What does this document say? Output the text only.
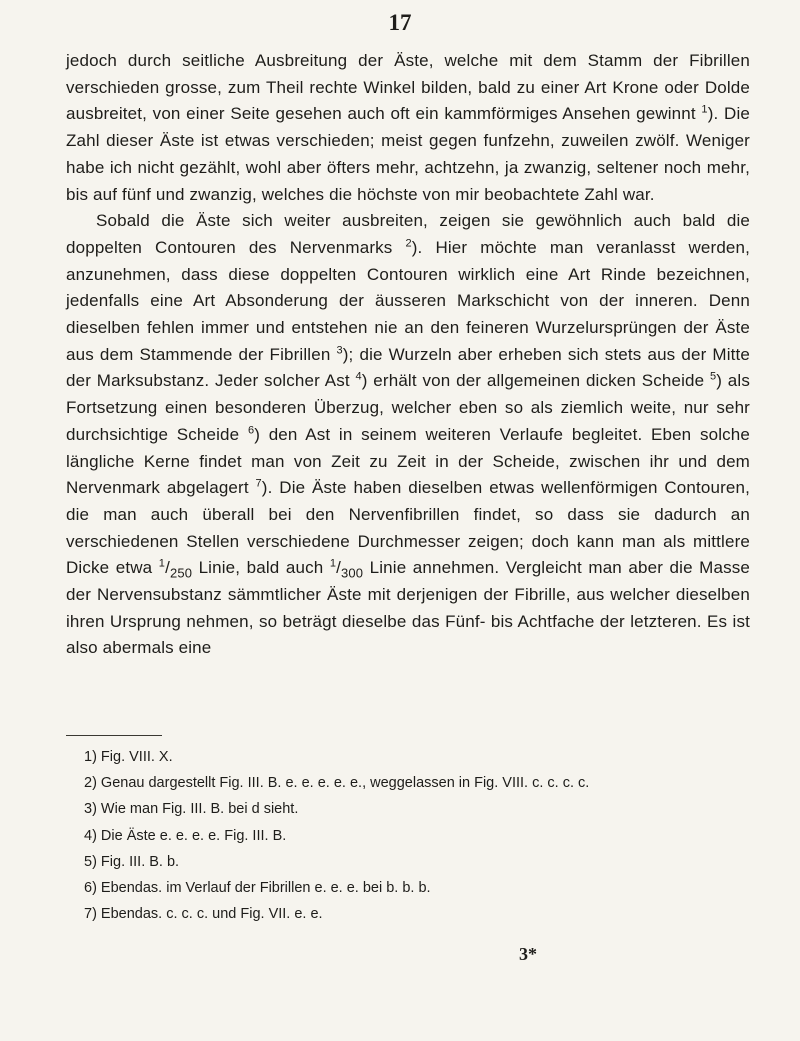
17

jedoch durch seitliche Ausbreitung der Äste, welche mit dem Stamm der Fibrillen verschieden grosse, zum Theil rechte Winkel bilden, bald zu einer Art Krone oder Dolde ausbreitet, von einer Seite gesehen auch oft ein kammförmiges Ansehen gewinnt $^1$). Die Zahl dieser Äste ist etwas verschieden; meist gegen funfzehn, zuweilen zwölf. Weniger habe ich nicht gezählt, wohl aber öfters mehr, achtzehn, ja zwanzig, seltener noch mehr, bis auf fünf und zwanzig, welches die höchste von mir beobachtete Zahl war.

Sobald die Äste sich weiter ausbreiten, zeigen sie gewöhnlich auch bald die doppelten Contouren des Nervenmarks $^2$). Hier möchte man veranlasst werden, anzunehmen, dass diese doppelten Contouren wirklich eine Art Rinde bezeichnen, jedenfalls eine Art Absonderung der äusseren Markschicht von der inneren. Denn dieselben fehlen immer und entstehen nie an den feineren Wurzelursprüngen der Äste aus dem Stammende der Fibrillen $^3$); die Wurzeln aber erheben sich stets aus der Mitte der Marksubstanz. Jeder solcher Ast $^4$) erhält von der allgemeinen dicken Scheide $^5$) als Fortsetzung einen besonderen Überzug, welcher eben so als ziemlich weite, nur sehr durchsichtige Scheide $^6$) den Ast in seinem weiteren Verlaufe begleitet. Eben solche längliche Kerne findet man von Zeit zu Zeit in der Scheide, zwischen ihr und dem Nervenmark abgelagert $^7$). Die Äste haben dieselben etwas wellenförmigen Contouren, die man auch überall bei den Nervenfibrillen findet, so dass sie dadurch an verschiedenen Stellen verschiedene Durchmesser zeigen; doch kann man als mittlere Dicke etwa $^1/_{250}$ Linie, bald auch $^1/_{300}$ Linie annehmen. Vergleicht man aber die Masse der Nervensubstanz sämmtlicher Äste mit derjenigen der Fibrille, aus welcher dieselben ihren Ursprung nehmen, so beträgt dieselbe das Fünf- bis Achtfache der letzteren. Es ist also abermals eine

1) Fig. VIII. X.
2) Genau dargestellt Fig. III. B. e. e. e. e. e., weggelassen in Fig. VIII. c. c. c. c.
3) Wie man Fig. III. B. bei d sieht.
4) Die Äste e. e. e. e. Fig. III. B.
5) Fig. III. B. b.
6) Ebendas. im Verlauf der Fibrillen e. e. e. bei b. b. b.
7) Ebendas. c. c. c. und Fig. VII. e. e.
3*
